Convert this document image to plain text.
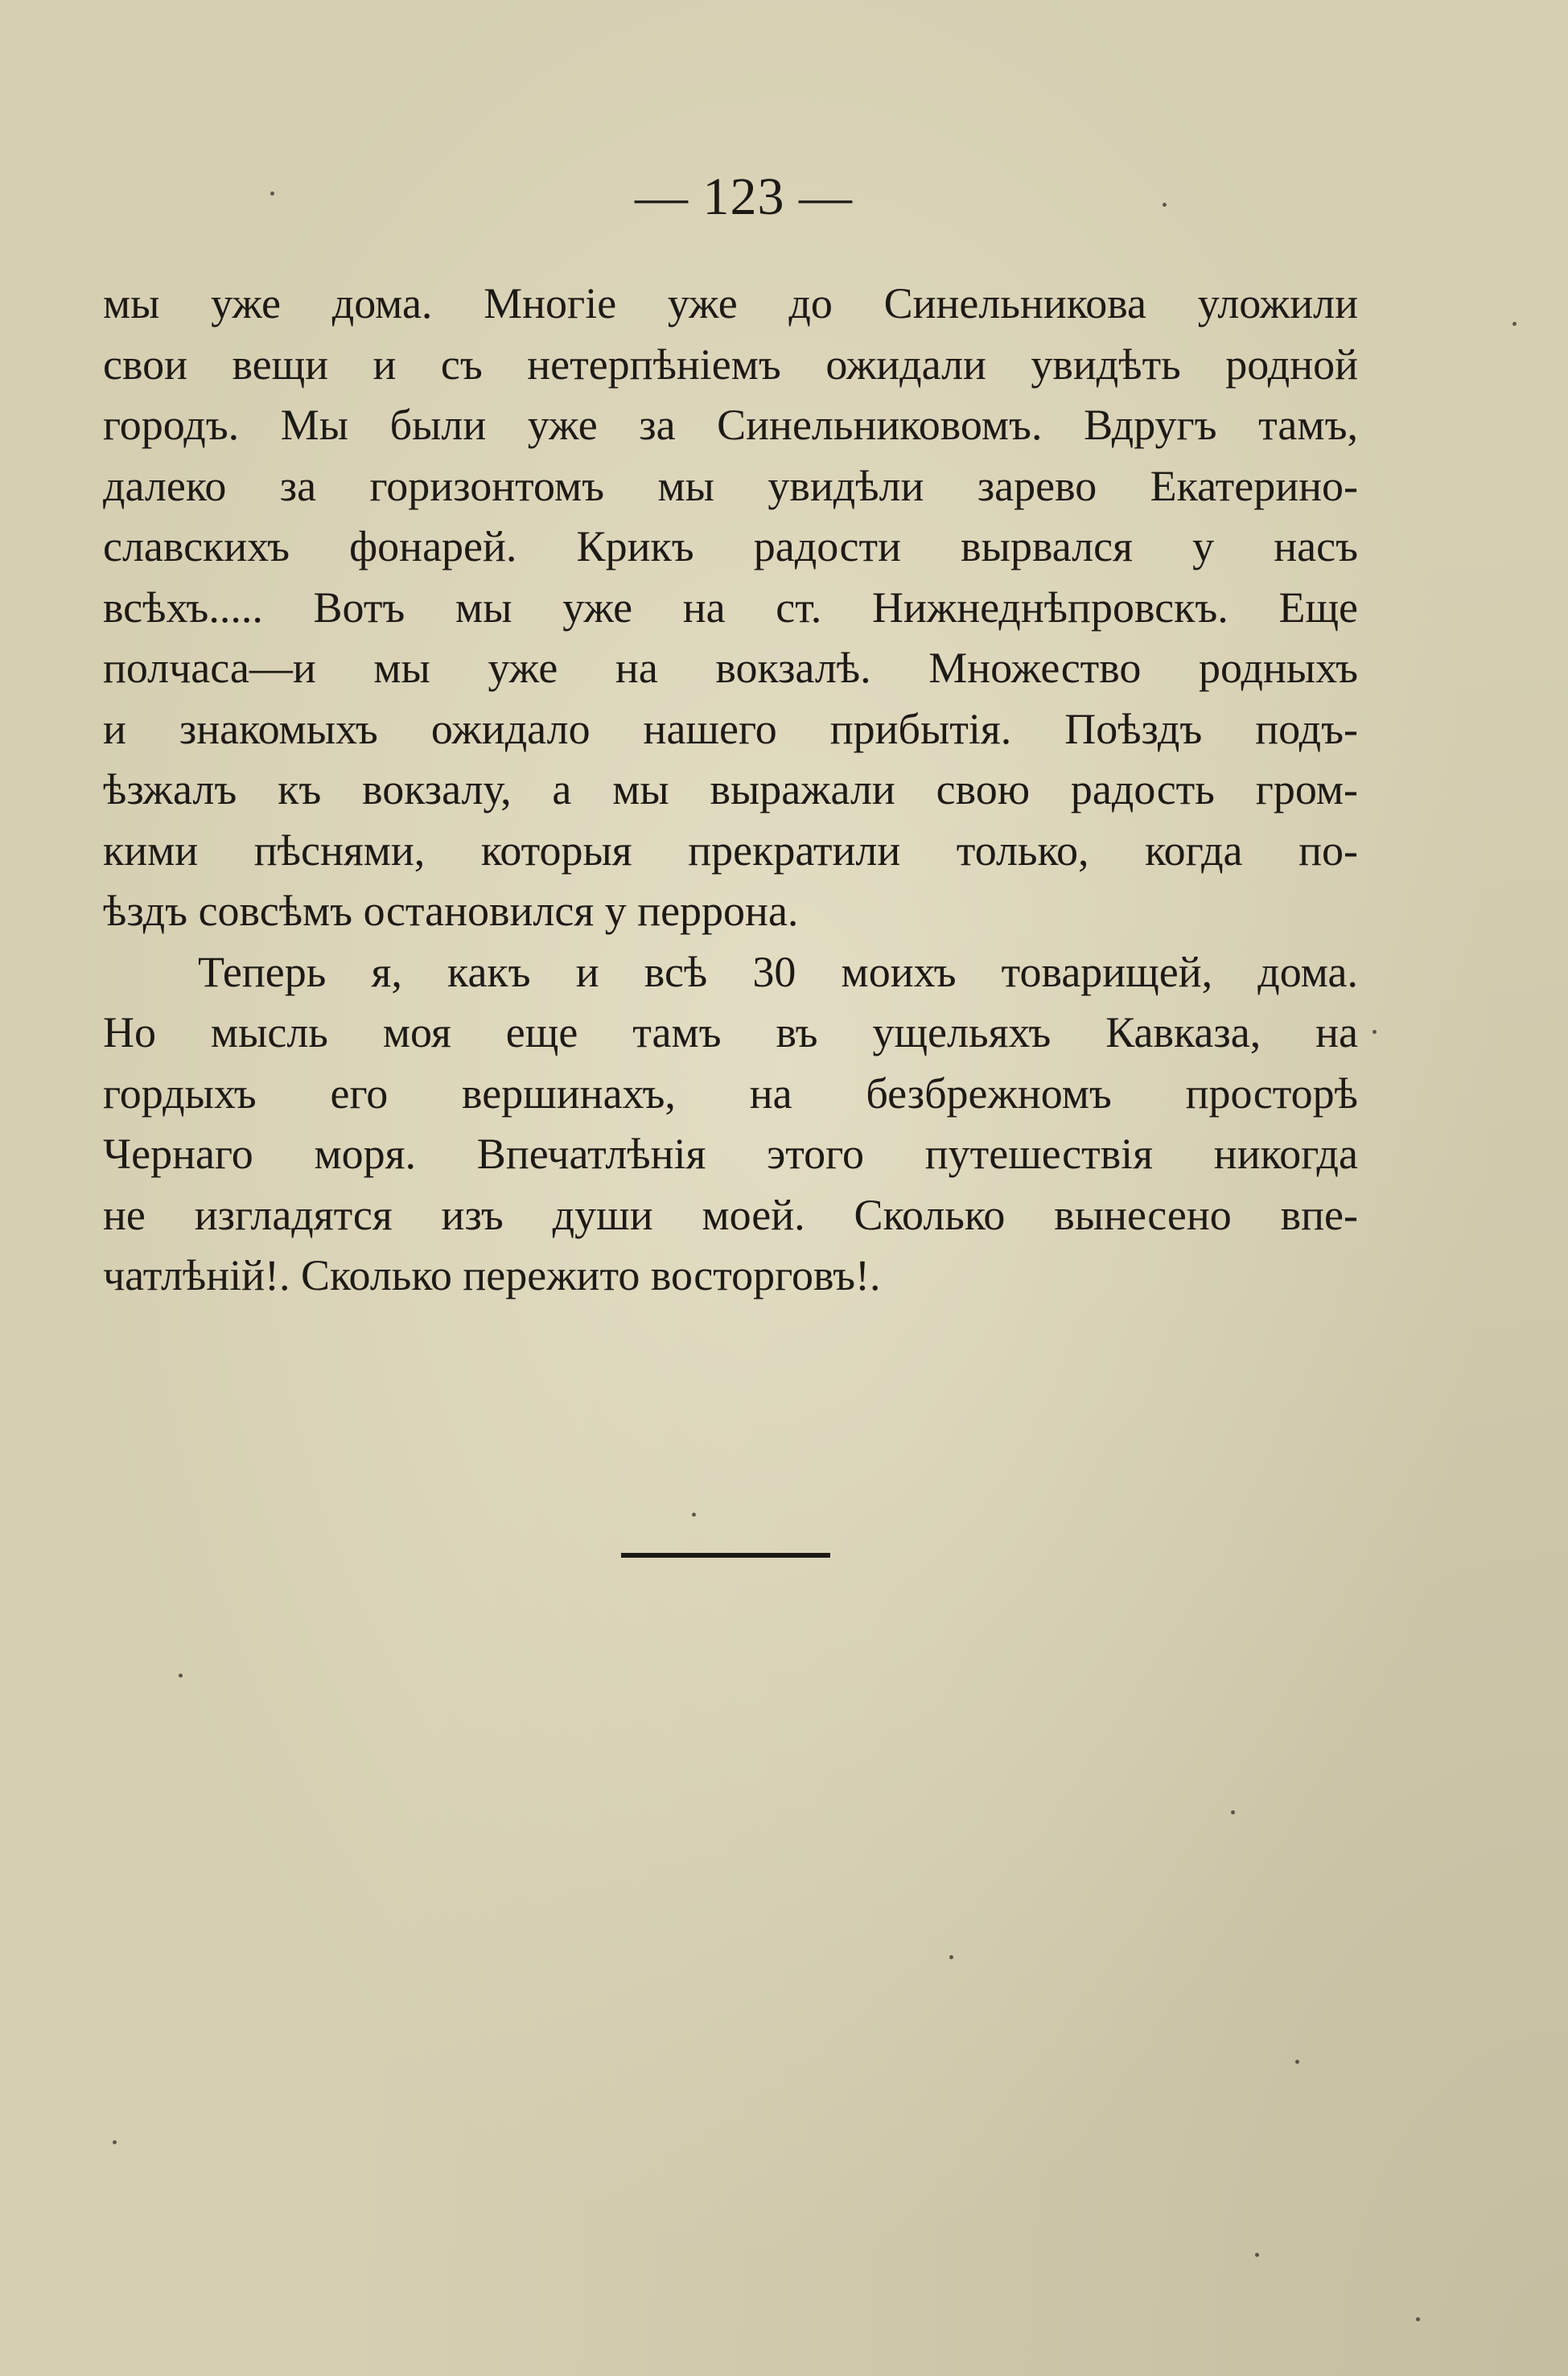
— 123 —
мы уже дома. Многіе уже до Синельникова уложили
свои вещи и съ нетерпѣніемъ ожидали увидѣть родной
городъ. Мы были уже за Синельниковомъ. Вдругъ тамъ,
далеко за горизонтомъ мы увидѣли зарево Екатерино-
славскихъ фонарей. Крикъ радости вырвался у насъ
всѣхъ..... Вотъ мы уже на ст. Нижнеднѣпровскъ. Еще
полчаса—и мы уже на вокзалѣ. Множество родныхъ
и знакомыхъ ожидало нашего прибытія. Поѣздъ подъ-
ѣзжалъ къ вокзалу, а мы выражали свою радость гром-
кими пѣснями, которыя прекратили только, когда по-
ѣздъ совсѣмъ остановился у перрона.
Теперь я, какъ и всѣ 30 моихъ товарищей, дома.
Но мысль моя еще тамъ въ ущельяхъ Кавказа, на
гордыхъ его вершинахъ, на безбрежномъ просторѣ
Чернаго моря. Впечатлѣнія этого путешествія никогда
не изгладятся изъ души моей. Сколько вынесено впе-
чатлѣній!. Сколько пережито восторговъ!.
